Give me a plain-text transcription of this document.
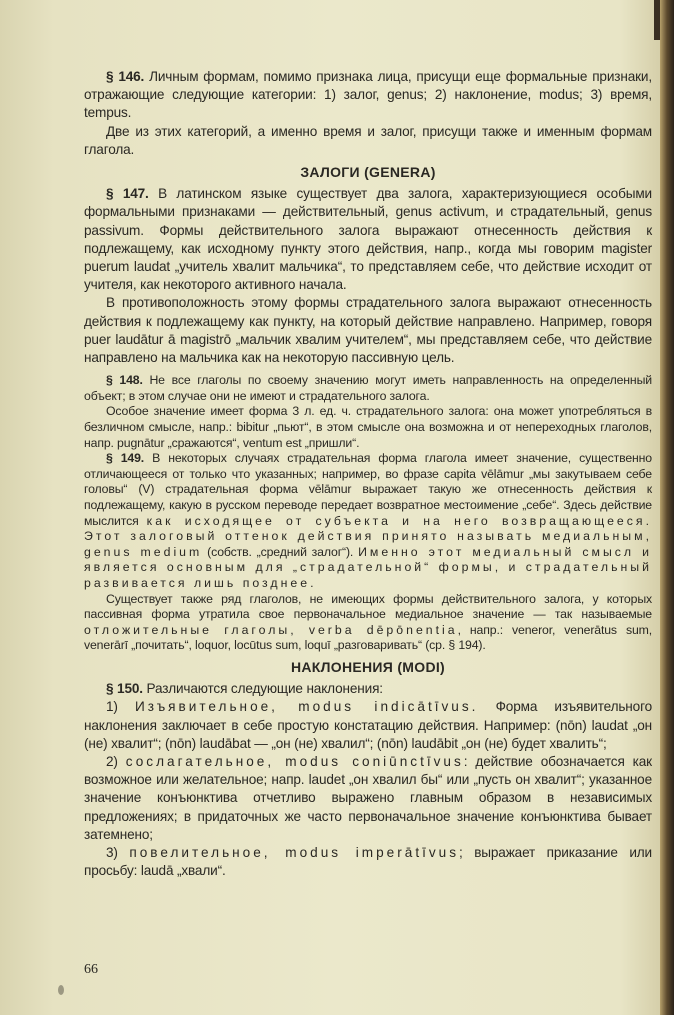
§ 146. Личным формам, помимо признака лица, присущи еще формальные признаки, отражающие следующие категории: 1) залог, genus; 2) наклонение, modus; 3) время, tempus.

Две из этих категорий, а именно время и залог, присущи также и именным формам глагола.

ЗАЛОГИ (GENERA)

§ 147. В латинском языке существует два залога, характеризующиеся особыми формальными признаками — действительный, genus activum, и страдательный, genus passivum. Формы действительного залога выражают отнесенность действия к подлежащему, как исходному пункту этого действия, напр., когда мы говорим magister puerum laudat „учитель хвалит мальчика“, то представляем себе, что действие исходит от учителя, как некоторого активного начала.

В противоположность этому формы страдательного залога выражают отнесенность действия к подлежащему как пункту, на который действие направлено. Например, говоря puer laudātur ā magistrō „мальчик хвалим учителем“, мы представляем себе, что действие направлено на мальчика как на некоторую пассивную цель.

§ 148. Не все глаголы по своему значению могут иметь направленность на определенный объект; в этом случае они не имеют и страдательного залога.

Особое значение имеет форма 3 л. ед. ч. страдательного залога: она может употребляться в безличном смысле, напр.: bibitur „пьют“, в этом смысле она возможна и от непереходных глаголов, напр. pugnātur „сражаются“, ventum est „пришли“.

§ 149. В некоторых случаях страдательная форма глагола имеет значение, существенно отличающееся от только что указанных; например, во фразе capita vēlāmur „мы закутываем себе головы“ (V) страдательная форма vēlāmur выражает такую же отнесенность действия к подлежащему, какую в русском переводе передает возвратное местоимение „себе“. Здесь действие мыслится как исходящее от субъекта и на него возвращающееся. Этот залоговый оттенок действия принято называть медиальным, genus medium (собств. „средний залог“). Именно этот медиальный смысл и является основным для „страдательной“ формы, и страдательный развивается лишь позднее.

Существует также ряд глаголов, не имеющих формы действительного залога, у которых пассивная форма утратила свое первоначальное медиальное значение — так называемые отложительные глаголы, verba dēpōnentia, напр.: veneror, venerātus sum, venerārī „почитать“, loquor, locūtus sum, loquī „разговаривать“ (ср. § 194).

НАКЛОНЕНИЯ (MODI)

§ 150. Различаются следующие наклонения:

1) Изъявительное, modus indicātīvus. Форма изъявительного наклонения заключает в себе простую констатацию действия. Например: (nōn) laudat „он (не) хвалит“; (nōn) laudābat — „он (не) хвалил“; (nōn) laudābit „он (не) будет хвалить“;

2) сослагательное, modus coniūnctīvus: действие обозначается как возможное или желательное; напр. laudet „он хвалил бы“ или „пусть он хвалит“; указанное значение конъюнктива отчетливо выражено главным образом в независимых предложениях; в придаточных же часто первоначальное значение конъюнктива бывает затемнено;

3) повелительное, modus imperātīvus; выражает приказание или просьбу: laudā „хвали“.

66
